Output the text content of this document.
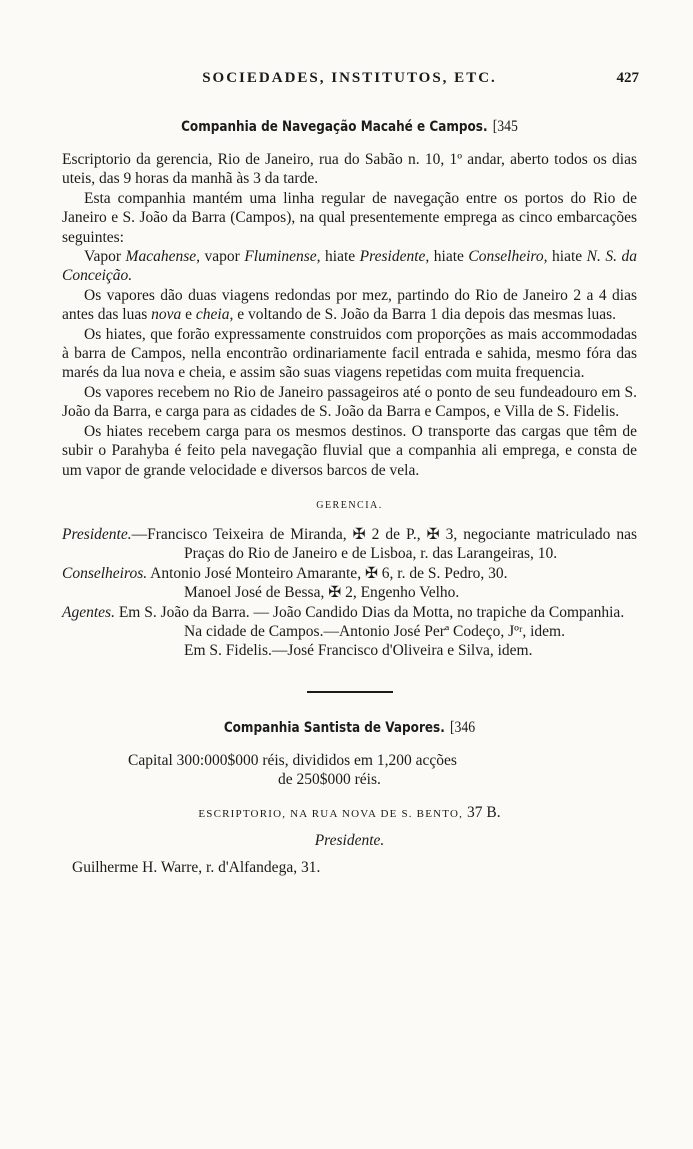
SOCIEDADES, INSTITUTOS, ETC.	427
Companhia de Navegação Macahé e Campos. [345

Escriptorio da gerencia, Rio de Janeiro, rua do Sabão n. 10, 1º andar, aberto todos os dias uteis, das 9 horas da manhã às 3 da tarde.

Esta companhia mantém uma linha regular de navegação entre os portos do Rio de Janeiro e S. João da Barra (Campos), na qual presentemente emprega as cinco embarcações seguintes:

Vapor Macahense, vapor Fluminense, hiate Presidente, hiate Conselheiro, hiate N. S. da Conceição.

Os vapores dão duas viagens redondas por mez, partindo do Rio de Janeiro 2 a 4 dias antes das luas nova e cheia, e voltando de S. João da Barra 1 dia depois das mesmas luas.

Os hiates, que forão expressamente construidos com proporções as mais accommodadas à barra de Campos, nella encontrão ordinariamente facil entrada e sahida, mesmo fóra das marés da lua nova e cheia, e assim são suas viagens repetidas com muita frequencia.

Os vapores recebem no Rio de Janeiro passageiros até o ponto de seu fundeadouro em S. João da Barra, e carga para as cidades de S. João da Barra e Campos, e Villa de S. Fidelis.

Os hiates recebem carga para os mesmos destinos. O transporte das cargas que têm de subir o Parahyba é feito pela navegação fluvial que a companhia ali emprega, e consta de um vapor de grande velocidade e diversos barcos de vela.

GERENCIA.
Presidente.—Francisco Teixeira de Miranda, ✠ 2 de P., ✠ 3, negociante matriculado nas Praças do Rio de Janeiro e de Lisboa, r. das Larangeiras, 10.
Conselheiros. Antonio José Monteiro Amarante, ✠ 6, r. de S. Pedro, 30.
Manoel José de Bessa, ✠ 2, Engenho Velho.
Agentes. Em S. João da Barra. — João Candido Dias da Motta, no trapiche da Companhia.
Na cidade de Campos.—Antonio José Perª Codeço, Jºʳ, idem.
Em S. Fidelis.—José Francisco d'Oliveira e Silva, idem.
Companhia Santista de Vapores. [346
Capital 300:000$000 réis, divididos em 1,200 acções
de 250$000 réis.
ESCRIPTORIO, NA RUA NOVA DE S. BENTO, 37 B.
Presidente.
Guilherme H. Warre, r. d'Alfandega, 31.
